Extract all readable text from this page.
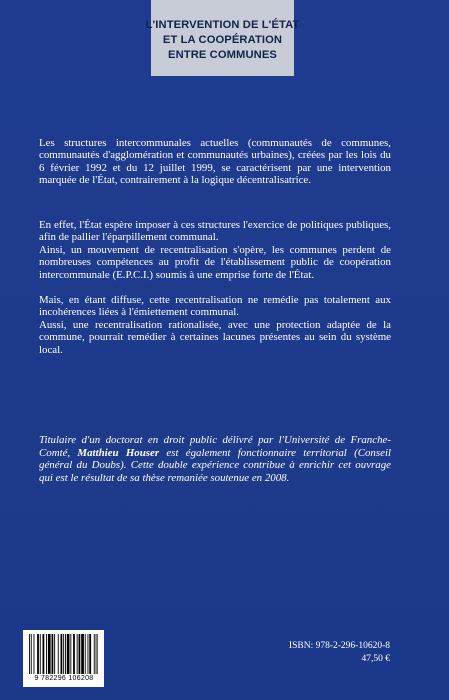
L'INTERVENTION DE L'ÉTAT
ET LA COOPÉRATION
ENTRE COMMUNES

Les structures intercommunales actuelles (communautés de communes, communautés d'agglomération et communautés urbaines), créées par les lois du 6 février 1992 et du 12 juillet 1999, se caractérisent par une intervention marquée de l'État, contrairement à la logique décentralisatrice.

En effet, l'État espère imposer à ces structures l'exercice de politiques publiques, afin de pallier l'éparpillement communal.
Ainsi, un mouvement de recentralisation s'opère, les communes perdent de nombreuses compétences au profit de l'établissement public de coopération intercommunale (E.P.C.I.) soumis à une emprise forte de l'État.
Mais, en étant diffuse, cette recentralisation ne remédie pas totalement aux incohérences liées à l'émiettement communal.
Aussi, une recentralisation rationalisée, avec une protection adaptée de la commune, pourrait remédier à certaines lacunes présentes au sein du système local.

Titulaire d'un doctorat en droit public délivré par l'Université de Franche-Comté, Matthieu Houser est également fonctionnaire territorial (Conseil général du Doubs). Cette double expérience contribue à enrichir cet ouvrage qui est le résultat de sa thèse remaniée soutenue en 2008.

9 782296 106208
ISBN: 978-2-296-10620-8
47,50 €
